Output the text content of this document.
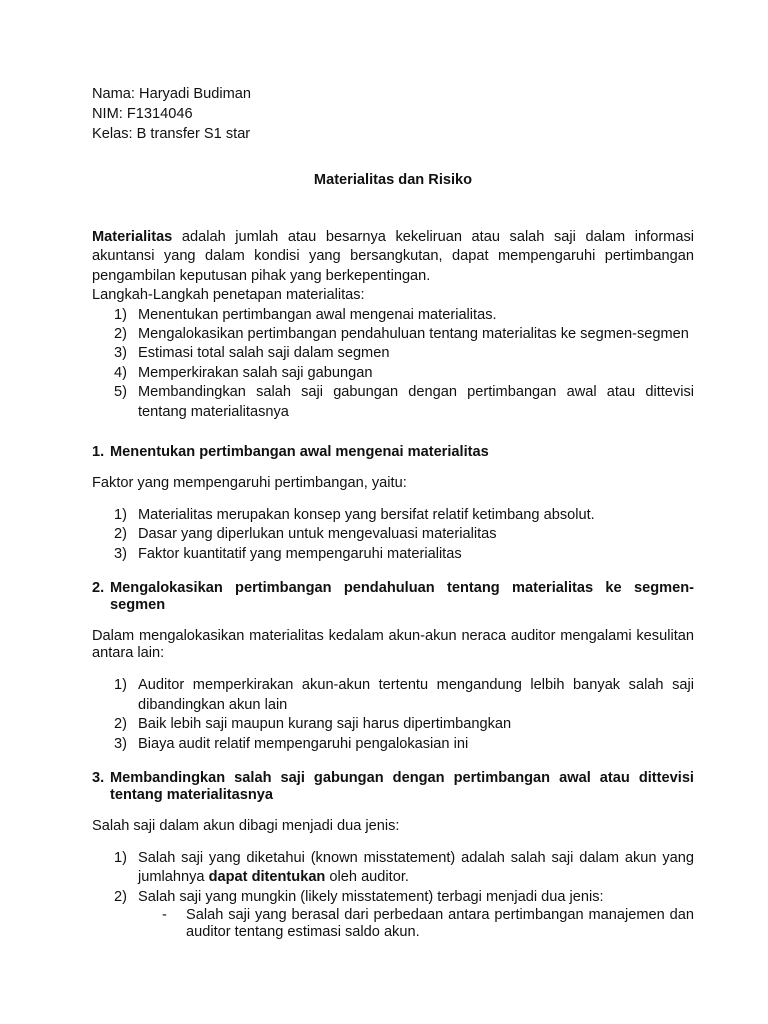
Nama: Haryadi Budiman
NIM: F1314046
Kelas: B transfer S1 star
Materialitas dan Risiko

Materialitas adalah jumlah atau besarnya kekeliruan atau salah saji dalam informasi akuntansi yang dalam kondisi yang bersangkutan, dapat mempengaruhi pertimbangan pengambilan keputusan pihak yang berkepentingan.

Langkah-Langkah penetapan materialitas:
1) Menentukan pertimbangan awal mengenai materialitas.
2) Mengalokasikan pertimbangan pendahuluan tentang materialitas ke segmen-segmen
3) Estimasi total salah saji dalam segmen
4) Memperkirakan salah saji gabungan
5) Membandingkan salah saji gabungan dengan pertimbangan awal atau dittevisi tentang materialitasnya
1. Menentukan pertimbangan awal mengenai materialitas

Faktor yang mempengaruhi pertimbangan, yaitu:

1) Materialitas merupakan konsep yang bersifat relatif ketimbang absolut.
2) Dasar yang diperlukan untuk mengevaluasi materialitas
3) Faktor kuantitatif yang mempengaruhi materialitas
2. Mengalokasikan pertimbangan pendahuluan tentang materialitas ke segmen-segmen

Dalam mengalokasikan materialitas kedalam akun-akun neraca auditor mengalami kesulitan antara lain:

1) Auditor memperkirakan akun-akun tertentu mengandung lelbih banyak salah saji dibandingkan akun lain
2) Baik lebih saji maupun kurang saji harus dipertimbangkan
3) Biaya audit relatif mempengaruhi pengalokasian ini
3. Membandingkan salah saji gabungan dengan pertimbangan awal atau dittevisi tentang materialitasnya

Salah saji dalam akun dibagi menjadi dua jenis:

1) Salah saji yang diketahui (known misstatement) adalah salah saji dalam akun yang jumlahnya dapat ditentukan oleh auditor.
2) Salah saji yang mungkin (likely misstatement) terbagi menjadi dua jenis:
- Salah saji yang berasal dari perbedaan antara pertimbangan manajemen dan auditor tentang estimasi saldo akun.
